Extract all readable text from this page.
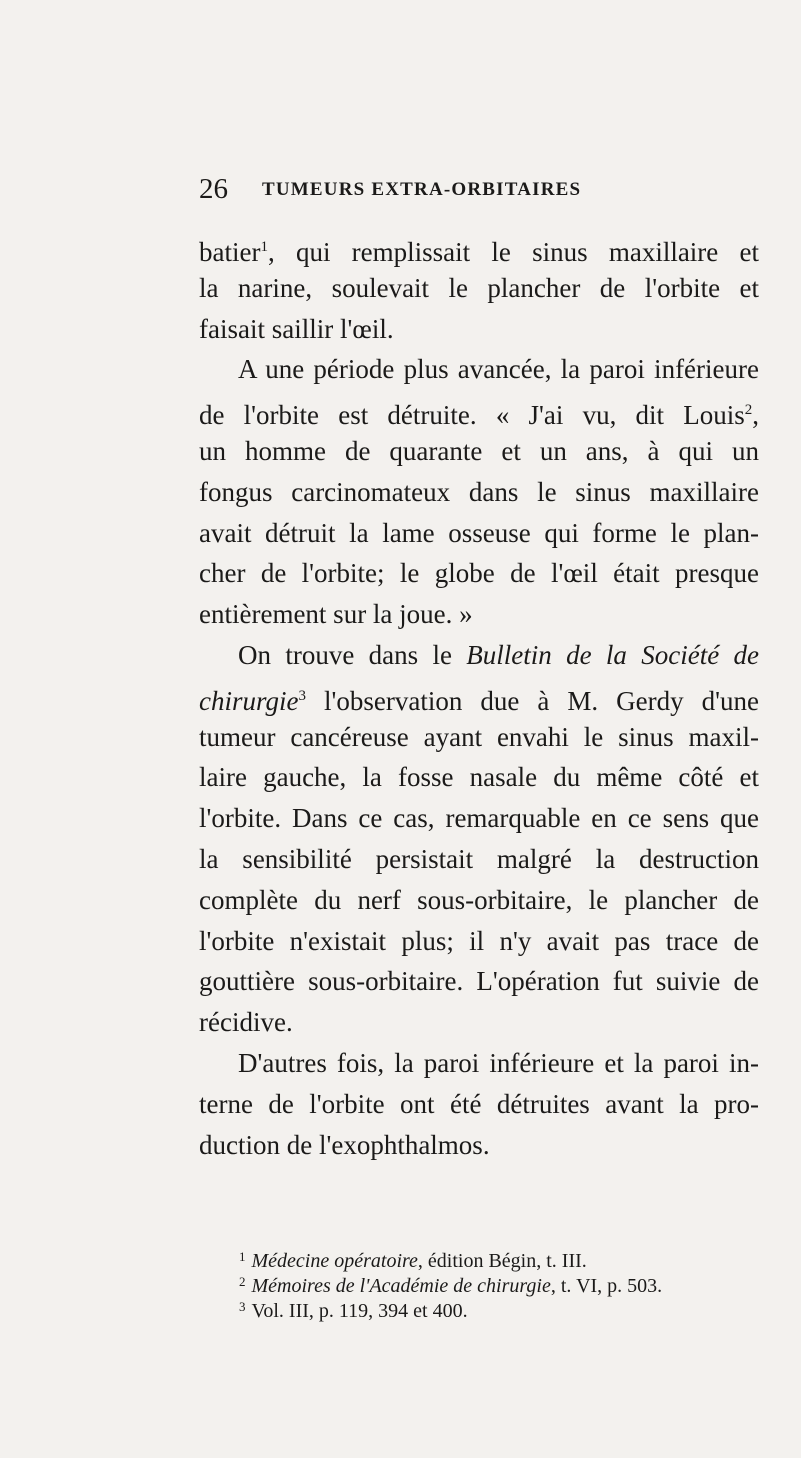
26 TUMEURS EXTRA-ORBITAIRES
batier$^1$, qui remplissait le sinus maxillaire et
la narine, soulevait le plancher de l'orbite et
faisait saillir l'œil.
A une période plus avancée, la paroi inférieure
de l'orbite est détruite. « J'ai vu, dit Louis$^2$,
un homme de quarante et un ans, à qui un
fongus carcinomateux dans le sinus maxillaire
avait détruit la lame osseuse qui forme le plan-
cher de l'orbite; le globe de l'œil était presque
entièrement sur la joue. »
On trouve dans le Bulletin de la Société de
chirurgie$^3$ l'observation due à M. Gerdy d'une
tumeur cancéreuse ayant envahi le sinus maxil-
laire gauche, la fosse nasale du même côté et
l'orbite. Dans ce cas, remarquable en ce sens que
la sensibilité persistait malgré la destruction
complète du nerf sous-orbitaire, le plancher de
l'orbite n'existait plus; il n'y avait pas trace de
gouttière sous-orbitaire. L'opération fut suivie de
récidive.
D'autres fois, la paroi inférieure et la paroi in-
terne de l'orbite ont été détruites avant la pro-
duction de l'exophthalmos.
$^1$ Médecine opératoire, édition Bégin, t. III.
$^2$ Mémoires de l'Académie de chirurgie, t. VI, p. 503.
$^3$ Vol. III, p. 119, 394 et 400.
